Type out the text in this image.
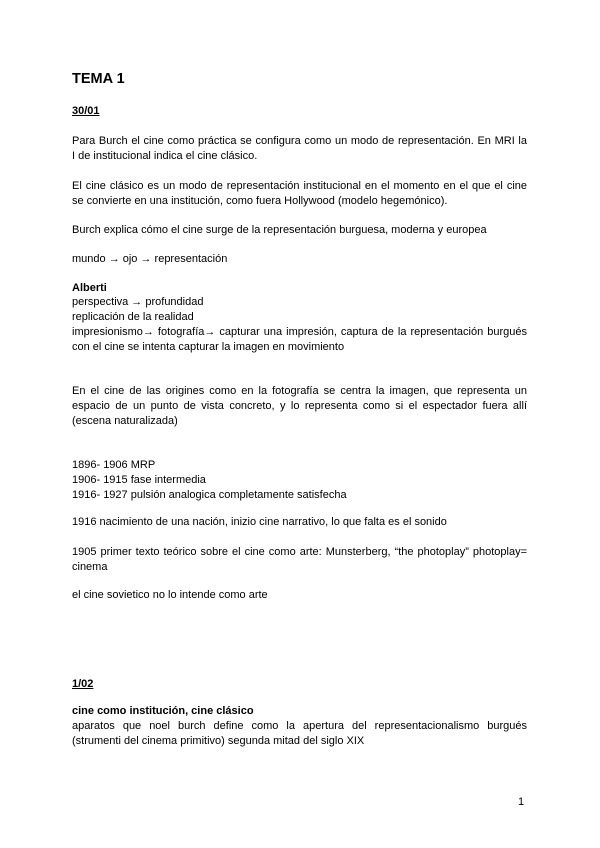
TEMA 1
30/01
Para Burch el cine como práctica se configura como un modo de representación. En MRI la
I de institucional indica el cine clásico.
El cine clásico es un modo de representación institucional en el momento en el que el cine
se convierte en una institución, como fuera Hollywood (modelo hegemónico).
Burch explica cómo el cine surge de la representación burguesa, moderna y europea
mundo → ojo → representación
Alberti
perspectiva → profundidad
replicación de la realidad
impresionismo→ fotografía→ capturar una impresión, captura de la representación burgués
con el cine se intenta capturar la imagen en movimiento
En el cine de las origines como en la fotografía se centra la imagen, que representa un
espacio de un punto de vista concreto, y lo representa como si el espectador fuera allí
(escena naturalizada)
1896- 1906 MRP
1906- 1915 fase intermedia
1916- 1927 pulsión analogica completamente satisfecha
1916 nacimiento de una nación, inizio cine narrativo, lo que falta es el sonido
1905 primer texto teórico sobre el cine como arte: Munsterberg, “the photoplay” photoplay=
cinema
el cine sovietico no lo intende como arte
1/02
cine como institución, cine clásico
aparatos que noel burch define como la apertura del representacionalismo burgués
(strumenti del cinema primitivo) segunda mitad del siglo XIX
1
